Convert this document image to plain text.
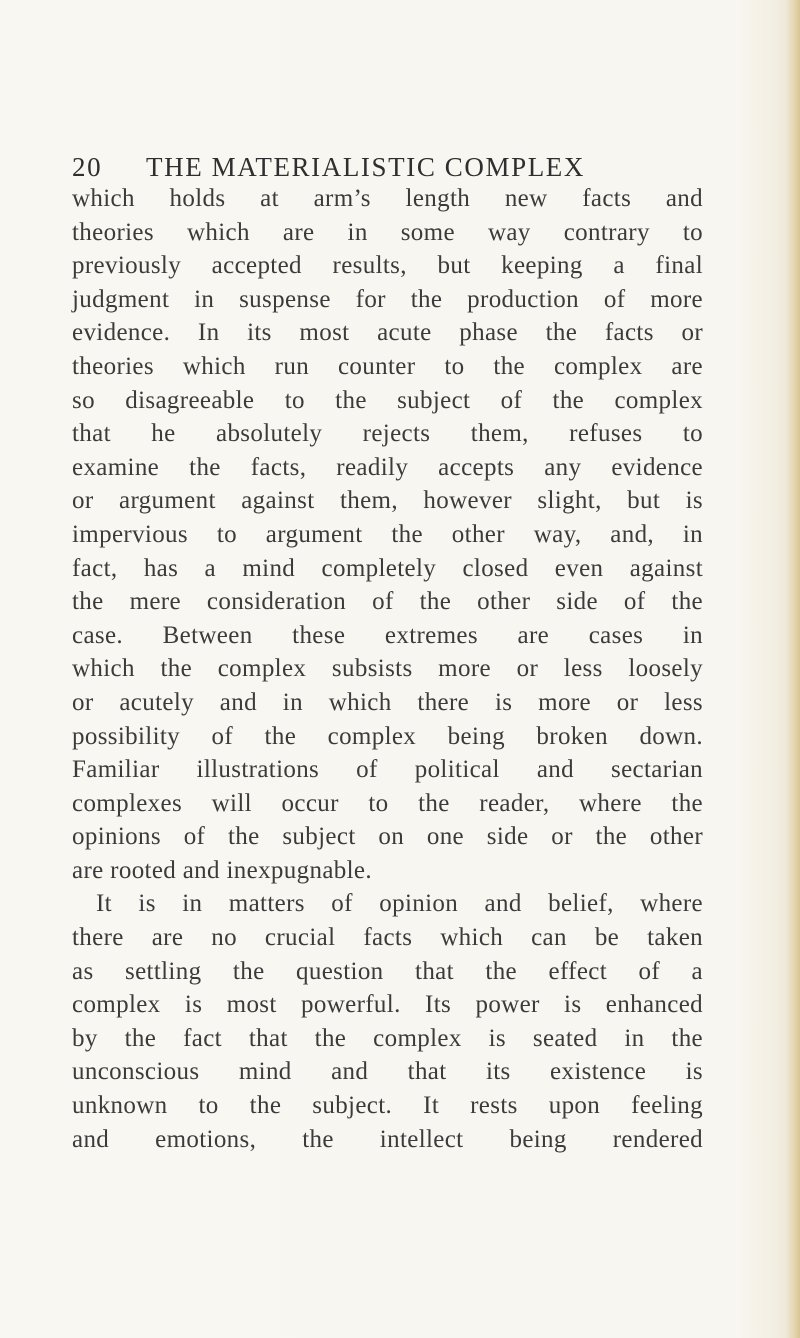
20 THE MATERIALISTIC COMPLEX
which holds at arm’s length new facts and
theories which are in some way contrary to
previously accepted results, but keeping a final
judgment in suspense for the production of more
evidence. In its most acute phase the facts or
theories which run counter to the complex are
so disagreeable to the subject of the complex
that he absolutely rejects them, refuses to
examine the facts, readily accepts any evidence
or argument against them, however slight, but is
impervious to argument the other way, and, in
fact, has a mind completely closed even against
the mere consideration of the other side of the
case. Between these extremes are cases in
which the complex subsists more or less loosely
or acutely and in which there is more or less
possibility of the complex being broken down.
Familiar illustrations of political and sectarian
complexes will occur to the reader, where the
opinions of the subject on one side or the other
are rooted and inexpugnable.
It is in matters of opinion and belief, where
there are no crucial facts which can be taken
as settling the question that the effect of a
complex is most powerful. Its power is enhanced
by the fact that the complex is seated in the
unconscious mind and that its existence is
unknown to the subject. It rests upon feeling
and emotions, the intellect being rendered
